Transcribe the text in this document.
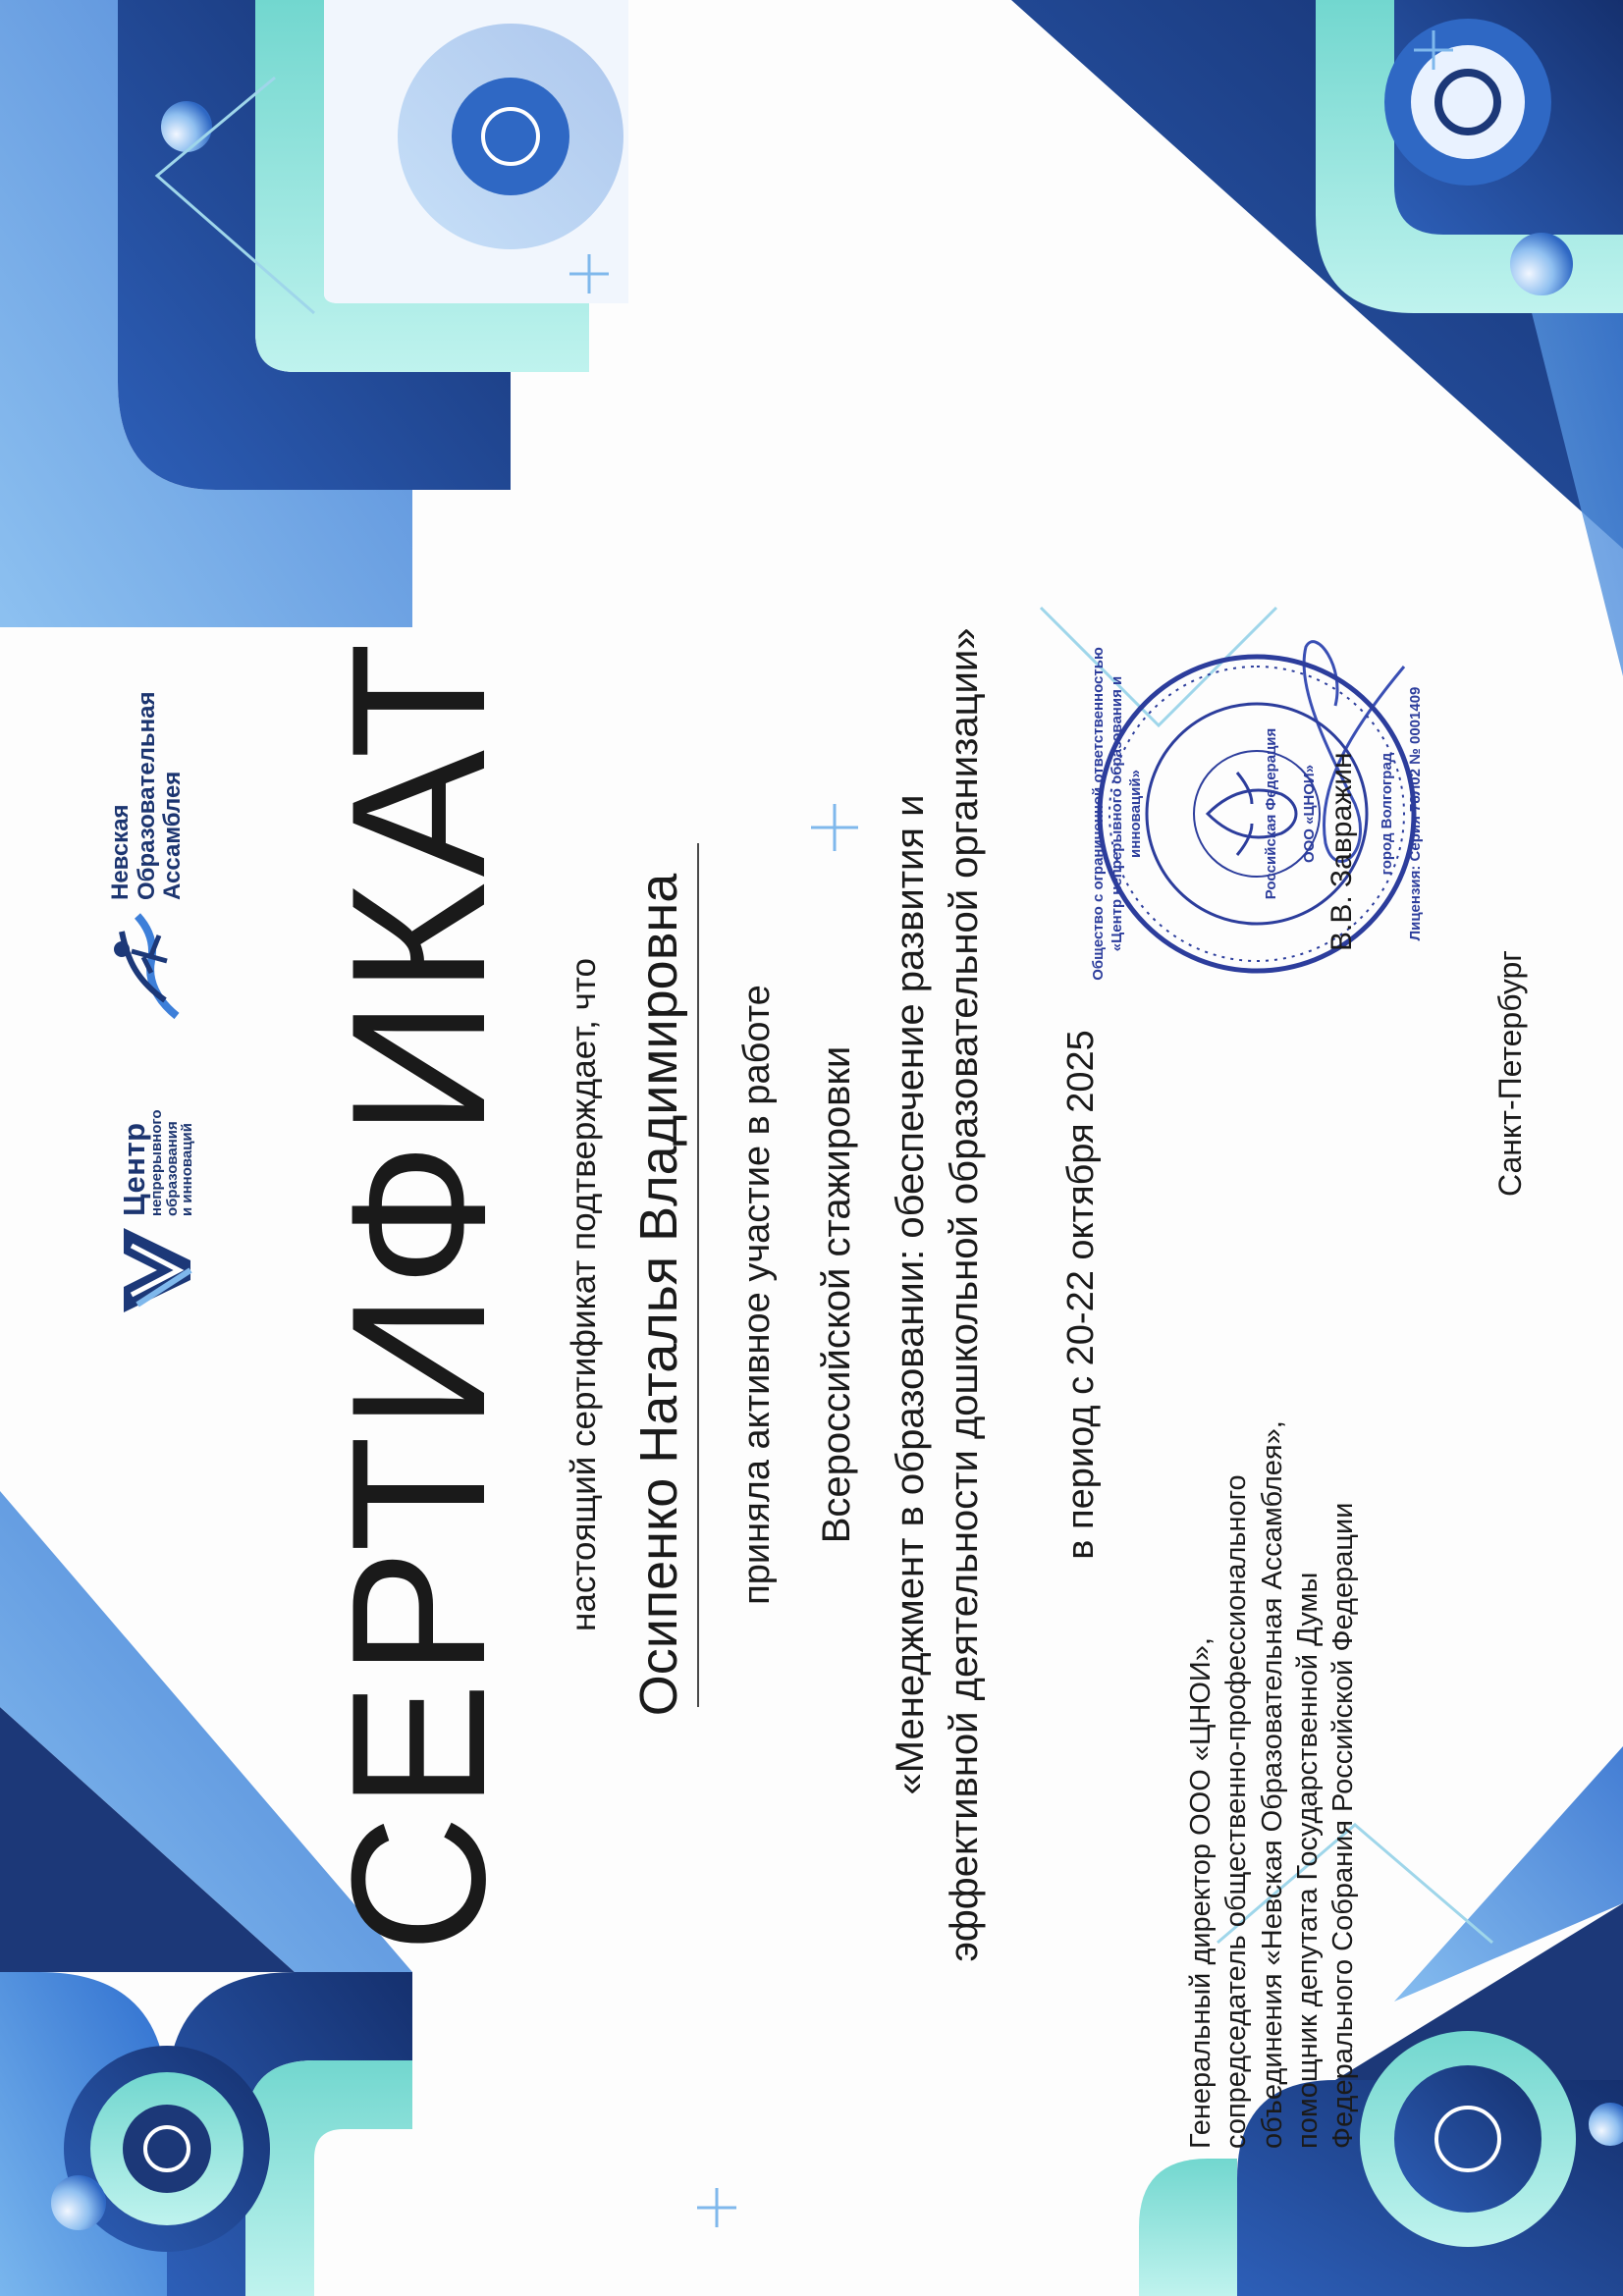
Центр
непрерывного
образования
и инноваций
Невская Образовательная Ассамблея СЕРТИФИКАТ настоящий сертификат подтверждает, что Осипенко Наталья Владимировна приняла активное участие в работе Всероссийской стажировки «Менеджмент в образовании: обеспечение развития и эффективной деятельности дошкольной образовательной организации» в период с 20-22 октября 2025
Генеральный директор ООО «ЦНОИ», сопредседатель общественно-профессионального объединения «Невская Образовательная Ассамблея», помощник депутата Государственной Думы Федерального Собрания Российской Федерации
Общество с ограниченной ответственностью «Центр непрерывного образования и инноваций»	Российская Федерация ООО «ЦНОИ»	город Волгоград Лицензия: Серия 78Л02 № 0001409
В.В. Завражин
Санкт-Петербург
